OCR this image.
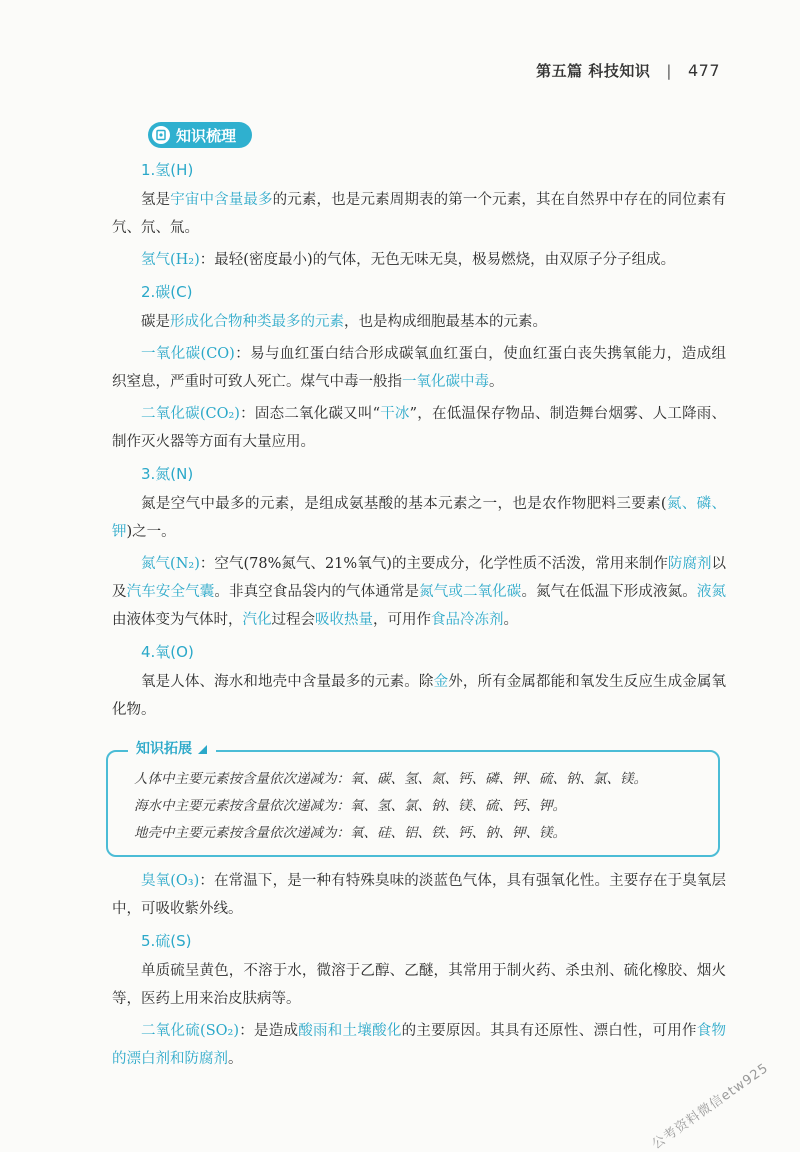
第五篇 科技知识 | 477
知识梳理
1.氢(H)

氢是宇宙中含量最多的元素，也是元素周期表的第一个元素，其在自然界中存在的同位素有氕、氘、氚。

氢气(H₂)：最轻(密度最小)的气体，无色无味无臭，极易燃烧，由双原子分子组成。

2.碳(C)

碳是形成化合物种类最多的元素，也是构成细胞最基本的元素。

一氧化碳(CO)：易与血红蛋白结合形成碳氧血红蛋白，使血红蛋白丧失携氧能力，造成组织窒息，严重时可致人死亡。煤气中毒一般指一氧化碳中毒。

二氧化碳(CO₂)：固态二氧化碳又叫“干冰”，在低温保存物品、制造舞台烟雾、人工降雨、制作灭火器等方面有大量应用。

3.氮(N)

氮是空气中最多的元素，是组成氨基酸的基本元素之一，也是农作物肥料三要素(氮、磷、钾)之一。

氮气(N₂)：空气(78%氮气、21%氧气)的主要成分，化学性质不活泼，常用来制作防腐剂以及汽车安全气囊。非真空食品袋内的气体通常是氮气或二氧化碳。氮气在低温下形成液氮。液氮由液体变为气体时，汽化过程会吸收热量，可用作食品冷冻剂。

4.氧(O)

氧是人体、海水和地壳中含量最多的元素。除金外，所有金属都能和氧发生反应生成金属氧化物。

知识拓展
人体中主要元素按含量依次递减为：氧、碳、氢、氮、钙、磷、钾、硫、钠、氯、镁。
海水中主要元素按含量依次递减为：氧、氢、氯、钠、镁、硫、钙、钾。
地壳中主要元素按含量依次递减为：氧、硅、铝、铁、钙、钠、钾、镁。

臭氧(O₃)：在常温下，是一种有特殊臭味的淡蓝色气体，具有强氧化性。主要存在于臭氧层中，可吸收紫外线。

5.硫(S)

单质硫呈黄色，不溶于水，微溶于乙醇、乙醚，其常用于制火药、杀虫剂、硫化橡胶、烟火等，医药上用来治皮肤病等。

二氧化硫(SO₂)：是造成酸雨和土壤酸化的主要原因。其具有还原性、漂白性，可用作食物的漂白剂和防腐剂。

公考资料微信etw925
